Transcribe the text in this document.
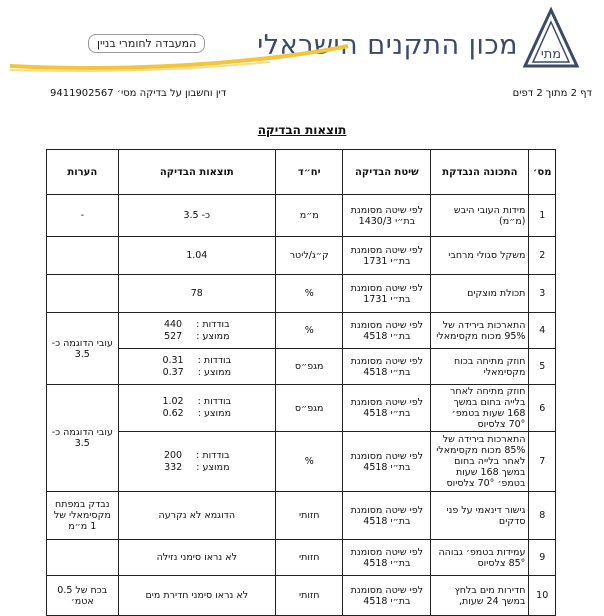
מתי
מכון התקנים הישראלי
המעבדה לחומרי בניין
דף 2 מתוך 2 דפים
דין וחשבון על בדיקה מסי׳ 9411902567
תוצאות הבדיקה
מס׳	התכונה הנבדקת	שיטת הבדיקה	יח״ד	תוצאות הבדיקה	הערות
1	מידות העובי היבש (מ״מ)	לפי שיטה מסומנת בת״י 1430/3	מ״מ	כ- 3.5	-
2	משקל סגולי מרחבי	לפי שיטה מסומנת בת״י 1731	ק״ג/ליטר	1.04	
3	תכולת מוצקים	לפי שיטה מסומנת בת״י 1731	%	78	
4	התארכות בירידה של 95% מכוח מקסימאלי	לפי שיטה מסומנת בת״י 4518	%	בודדות :
440
ממוצע :
527	עובי הדוגמה כ- 3.5
5	חוזק מתיחה בכוח מקסימאלי	לפי שיטה מסומנת בת״י 4518	מגפ״ס	בודדות :
0.31
ממוצע :
0.37	

6	חוזק מתיחה לאחר בלייה בחום במשך 168 שעות בטמפ׳ 70° צלסיוס	לפי שיטה מסומנת בת״י 4518	מגפ״ס	בודדות :
1.02
ממוצע :
0.62	עובי הדוגמה כ- 3.5
7	התארכות בירידה של 85% מכוח מקסימאלי לאחר בלייה בחום במשך 168 שעות בטמפ׳ 70° צלסיוס	לפי שיטה מסומנת בת״י 4518	%	בודדות :
200
ממוצע :
332	

8	גישור דינאמי על פני סדקים	לפי שיטה מסומנת בת״י 4518	חזותי	הדוגמא לא נקרעה	נבדק במפתח מקסימאלי של 1 מ״מ
9	עמידות בטמפ׳ גבוהה 85° צלסיוס	לפי שיטה מסומנת בת״י 4518	חזותי	לא נראו סימני נזילה	
10	חדירות מים בלחץ במשך 24 שעות,	לפי שיטה מסומנת בת״י 4518	חזותי	לא נראו סימני חדירת מים	בכח של 0.5 אטמ׳
